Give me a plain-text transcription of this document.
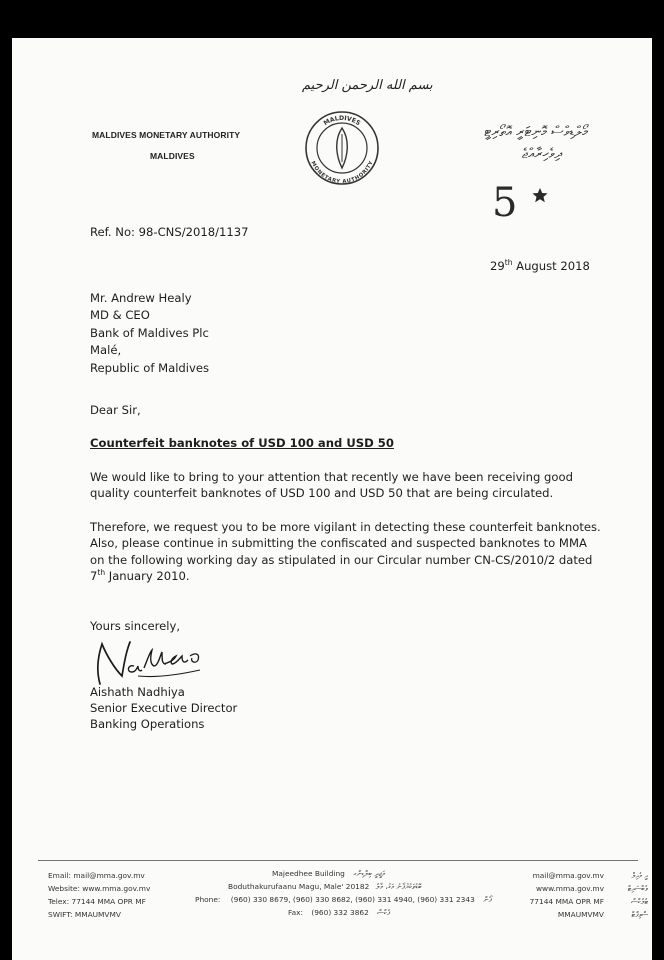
MALDIVES MONETARY AUTHORITY
MALDIVES
بسم الله الرحمن الرحيم
MALDIVES
MONETARY AUTHORITY
މޯލްޑިވްސް މޮނިޓަރީ އޮތޯރިޓީ
ދިވެހިރާއްޖެ
5
Ref. No: 98-CNS/2018/1137
29th August 2018
Mr. Andrew Healy
MD & CEO
Bank of Maldives Plc
Malé,
Republic of Maldives
Dear Sir,
Counterfeit banknotes of USD 100 and USD 50
We would like to bring to your attention that recently we have been receiving good
quality counterfeit banknotes of USD 100 and USD 50 that are being circulated.
Therefore, we request you to be more vigilant in detecting these counterfeit banknotes.
Also, please continue in submitting the confiscated and suspected banknotes to MMA
on the following working day as stipulated in our Circular number CN-CS/2010/2 dated
7th January 2010.
Yours sincerely,
Aishath Nadhiya
Senior Executive Director
Banking Operations
Email: mail@mma.gov.mv
Website: www.mma.gov.mv
Telex: 77144 MMA OPR MF
SWIFT: MMAUMVMV
Majeedhee Building މަޖީދީ ބިލްޑިންގ
Boduthakurufaanu Magu, Male' 20182 ބޮޑުތަކުރުފާނު މަގު، މާލެ
Phone: (960) 330 8679, (960) 330 8682, (960) 331 4940, (960) 331 2343 ފޯން
Fax: (960) 332 3862 ފެކްސް
mail@mma.gov.mv
www.mma.gov.mv
77144 MMA OPR MF
MMAUMVMV
އީ މެއިލް
ވެބްސައިޓް
ޓެލެކްސް
ސްވިފްޓް
